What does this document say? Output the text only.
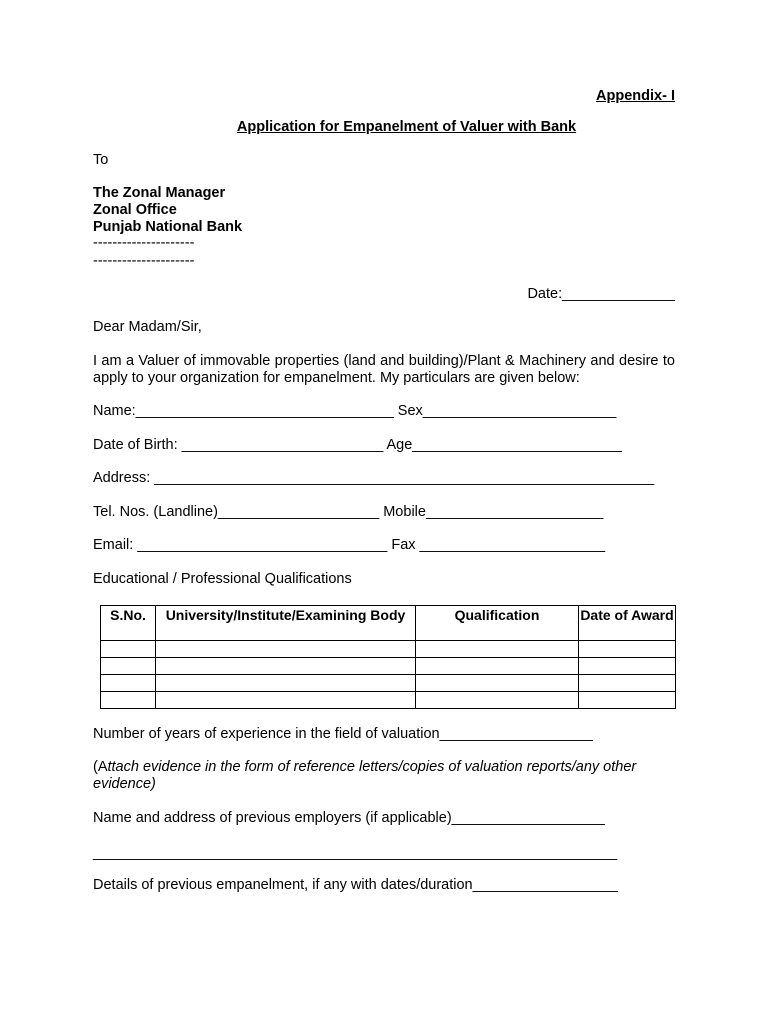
Appendix- I
Application for Empanelment of Valuer with Bank
To
The Zonal Manager
Zonal Office
Punjab National Bank
---------------------
---------------------
Date:______________
Dear Madam/Sir,
I am a Valuer of immovable properties (land and building)/Plant & Machinery and desire to apply to your organization for empanelment. My particulars are given below:
Name:________________________________ Sex________________________
Date of Birth: _________________________ Age__________________________
Address: ______________________________________________________________
Tel. Nos. (Landline)____________________ Mobile______________________
Email: _______________________________ Fax _______________________
Educational / Professional Qualifications
S.No.	University/Institute/Examining Body	Qualification	Date of Award

Number of years of experience in the field of valuation___________________
(Attach evidence in the form of reference letters/copies of valuation reports/any other evidence)
Name and address of previous employers (if applicable)___________________
_________________________________________________________________
Details of previous empanelment, if any with dates/duration__________________
